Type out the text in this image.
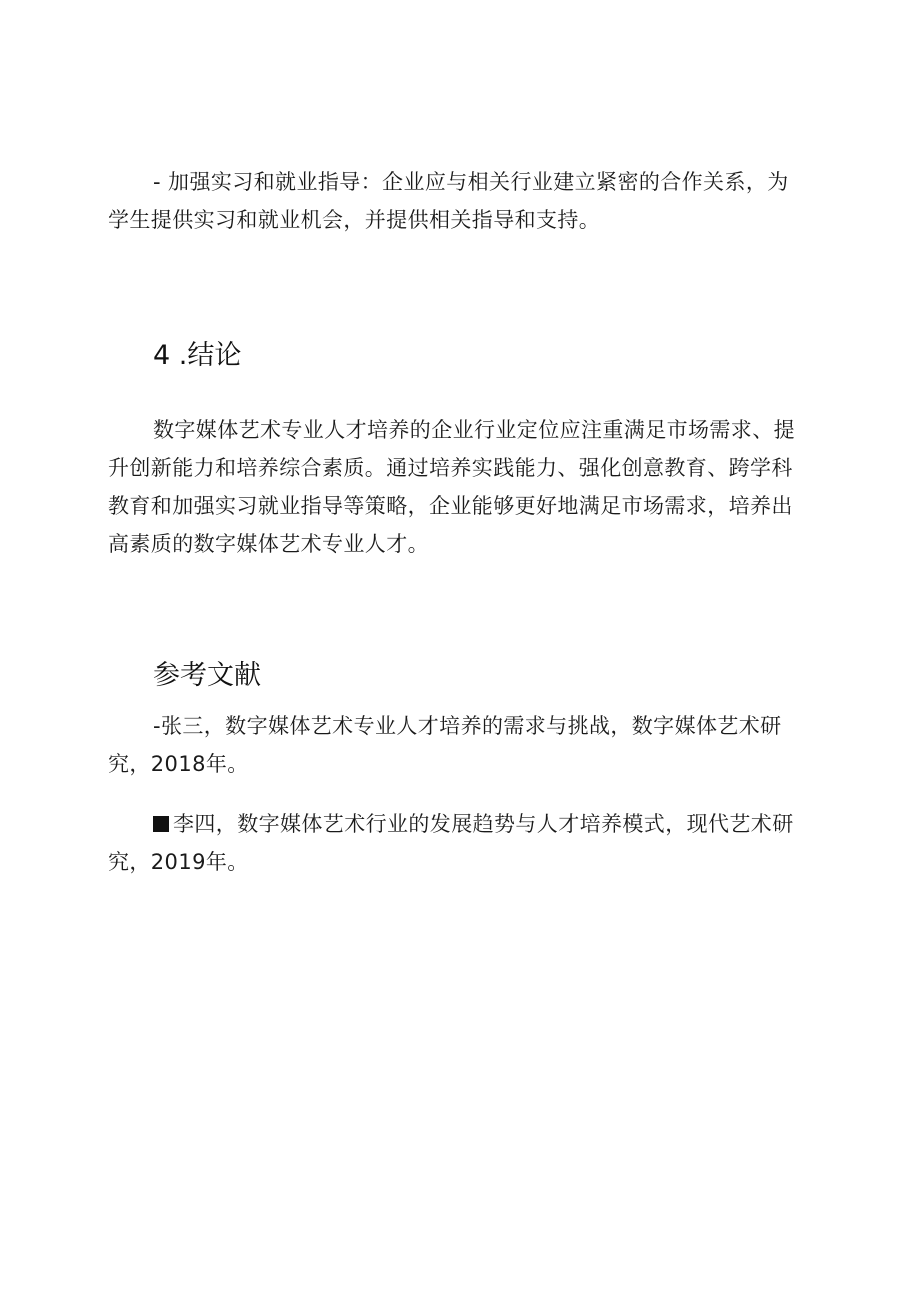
- 加强实习和就业指导：企业应与相关行业建立紧密的合作关系，为学生提供实习和就业机会，并提供相关指导和支持。

4 .结论

数字媒体艺术专业人才培养的企业行业定位应注重满足市场需求、提升创新能力和培养综合素质。通过培养实践能力、强化创意教育、跨学科教育和加强实习就业指导等策略，企业能够更好地满足市场需求，培养出高素质的数字媒体艺术专业人才。

参考文献

-张三，数字媒体艺术专业人才培养的需求与挑战，数字媒体艺术研究，2018年。

李四，数字媒体艺术行业的发展趋势与人才培养模式，现代艺术研究，2019年。
